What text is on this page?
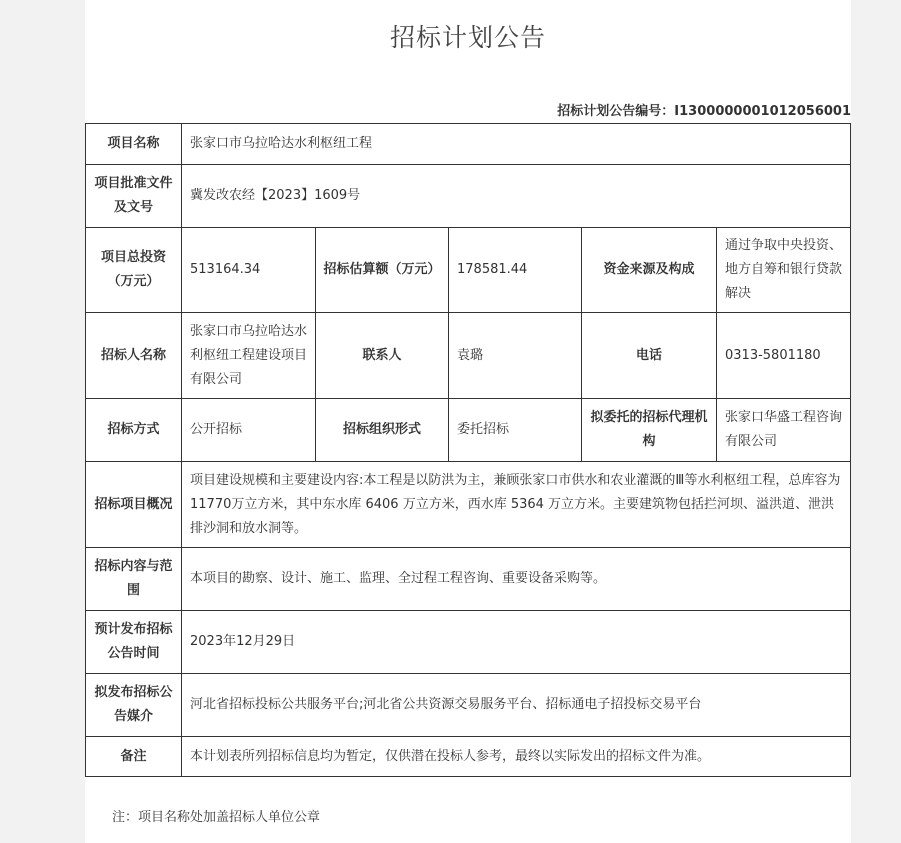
招标计划公告
招标计划公告编号：I1300000001012056001
项目名称	张家口市乌拉哈达水利枢纽工程				
项目批准文件及文号	冀发改农经【2023】1609号				
项目总投资（万元）	513164.34	招标估算额（万元）	178581.44	资金来源及构成	通过争取中央投资、地方自筹和银行贷款解决
招标人名称	张家口市乌拉哈达水利枢纽工程建设项目有限公司	联系人	袁璐	电话	0313-5801180
招标方式	公开招标	招标组织形式	委托招标	拟委托的招标代理机构	张家口华盛工程咨询有限公司
招标项目概况	项目建设规模和主要建设内容:本工程是以防洪为主，兼顾张家口市供水和农业灌溉的Ⅲ等水利枢纽工程，总库容为11770万立方米，其中东水库 6406 万立方米，西水库 5364 万立方米。主要建筑物包括拦河坝、溢洪道、泄洪排沙洞和放水洞等。				
招标内容与范围	本项目的勘察、设计、施工、监理、全过程工程咨询、重要设备采购等。				
预计发布招标公告时间	2023年12月29日				
拟发布招标公告媒介	河北省招标投标公共服务平台;河北省公共资源交易服务平台、招标通电子招投标交易平台				
备注	本计划表所列招标信息均为暂定，仅供潜在投标人参考，最终以实际发出的招标文件为准。				
注：项目名称处加盖招标人单位公章
